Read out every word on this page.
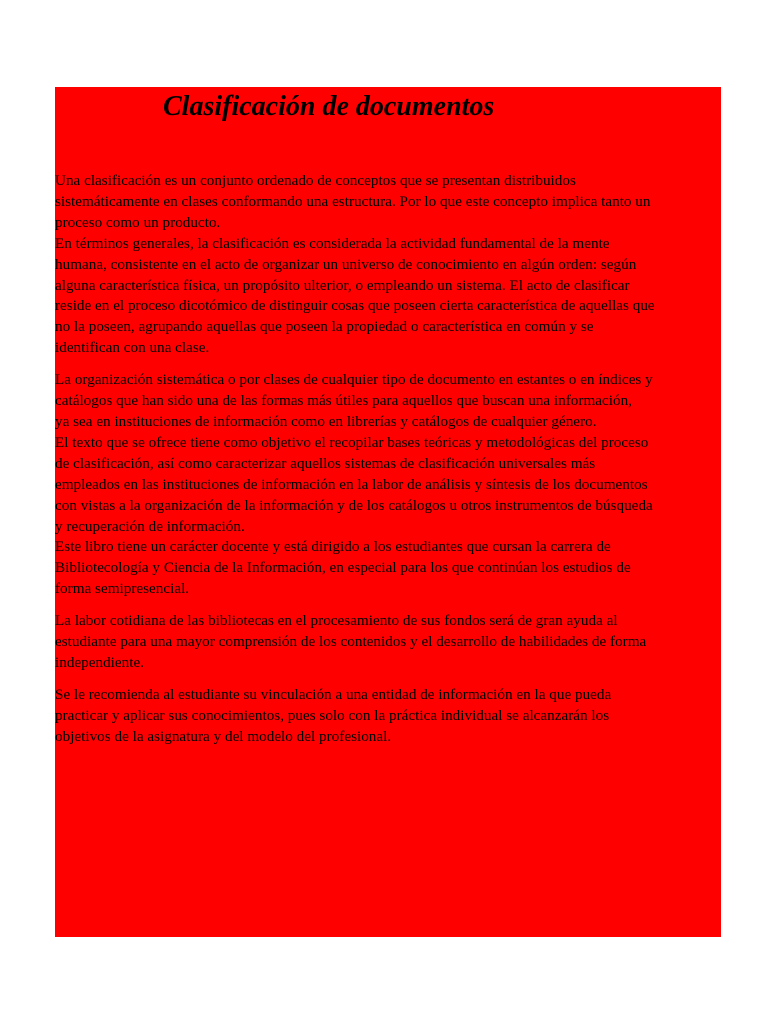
Clasificación de documentos

Una clasificación es un conjunto ordenado de conceptos que se presentan distribuidos
sistemáticamente en clases conformando una estructura. Por lo que este concepto implica tanto un
proceso como un producto.
En términos generales, la clasificación es considerada la actividad fundamental de la mente
humana, consistente en el acto de organizar un universo de conocimiento en algún orden: según
alguna característica física, un propósito ulterior, o empleando un sistema. El acto de clasificar
reside en el proceso dicotómico de distinguir cosas que poseen cierta característica de aquellas que
no la poseen, agrupando aquellas que poseen la propiedad o característica en común y se
identifican con una clase.

La organización sistemática o por clases de cualquier tipo de documento en estantes o en índices y
catálogos que han sido una de las formas más útiles para aquellos que buscan una información,
ya sea en instituciones de información como en librerías y catálogos de cualquier género.
El texto que se ofrece tiene como objetivo el recopilar bases teóricas y metodológicas del proceso
de clasificación, así como caracterizar aquellos sistemas de clasificación universales más
empleados en las instituciones de información en la labor de análisis y síntesis de los documentos
con vistas a la organización de la información y de los catálogos u otros instrumentos de búsqueda
y recuperación de información.
Este libro tiene un carácter docente y está dirigido a los estudiantes que cursan la carrera de
Bibliotecología y Ciencia de la Información, en especial para los que continúan los estudios de
forma semipresencial.

La labor cotidiana de las bibliotecas en el procesamiento de sus fondos será de gran ayuda al
estudiante para una mayor comprensión de los contenidos y el desarrollo de habilidades de forma
independiente.

Se le recomienda al estudiante su vinculación a una entidad de información en la que pueda
practicar y aplicar sus conocimientos, pues solo con la práctica individual se alcanzarán los
objetivos de la asignatura y del modelo del profesional.
